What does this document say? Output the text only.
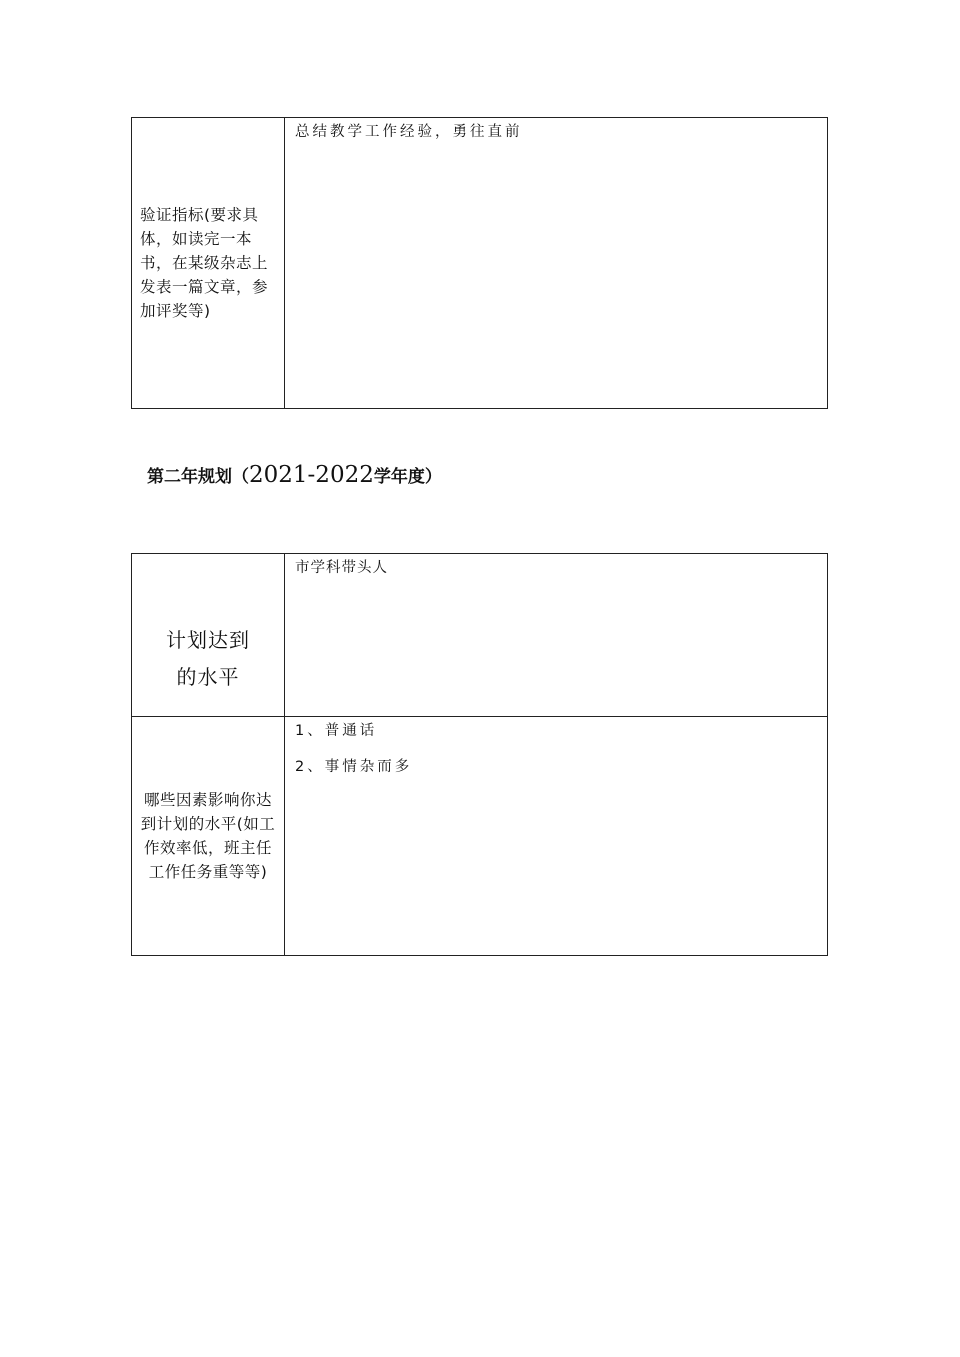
验证指标(要求具体，如读完一本书，在某级杂志上发表一篇文章，参加评奖等)

总结教学工作经验，勇往直前

第二年规划（2021-2022学年度）
计划达到的水平

市学科带头人

哪些因素影响你达到计划的水平(如工作效率低，班主任工作任务重等等)

1、普通话

2、事情杂而多
